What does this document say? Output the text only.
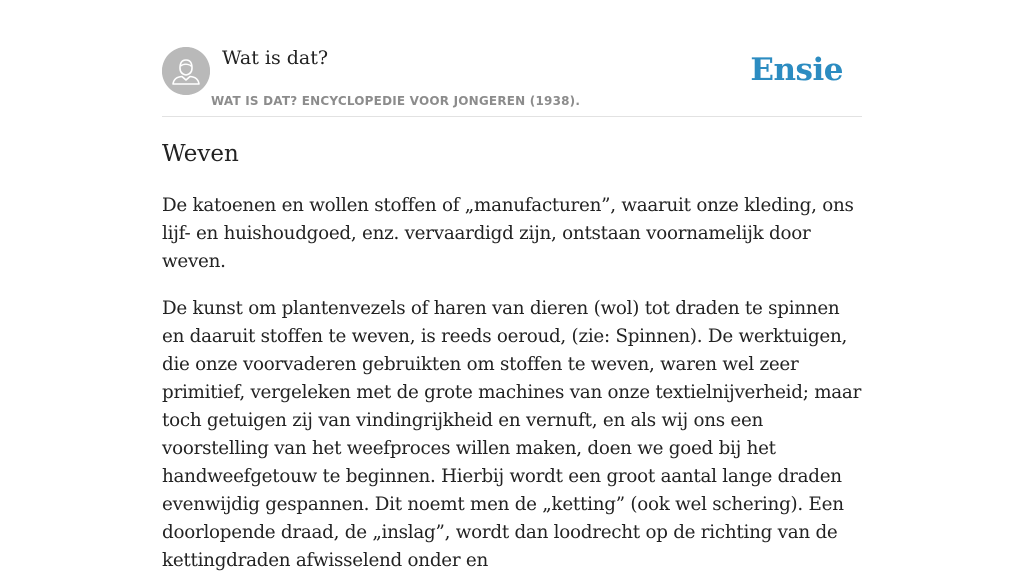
Wat is dat?
WAT IS DAT? ENCYCLOPEDIE VOOR JONGEREN (1938).
Ensie
Weven

De katoenen en wollen stoffen of „manufacturen”, waaruit onze kleding, ons lijf- en huishoudgoed, enz. vervaardigd zijn, ontstaan voornamelijk door weven.

De kunst om plantenvezels of haren van dieren (wol) tot draden te spinnen en daaruit stoffen te weven, is reeds oeroud, (zie: Spinnen). De werktuigen, die onze voorvaderen gebruikten om stoffen te weven, waren wel zeer primitief, vergeleken met de grote machines van onze textielnijverheid; maar toch getuigen zij van vindingrijkheid en vernuft, en als wij ons een voorstelling van het weefproces willen maken, doen we goed bij het handweefgetouw te beginnen. Hierbij wordt een groot aantal lange draden evenwijdig gespannen. Dit noemt men de „ketting” (ook wel schering). Een doorlopende draad, de „inslag”, wordt dan loodrecht op de richting van de kettingdraden afwisselend onder en
